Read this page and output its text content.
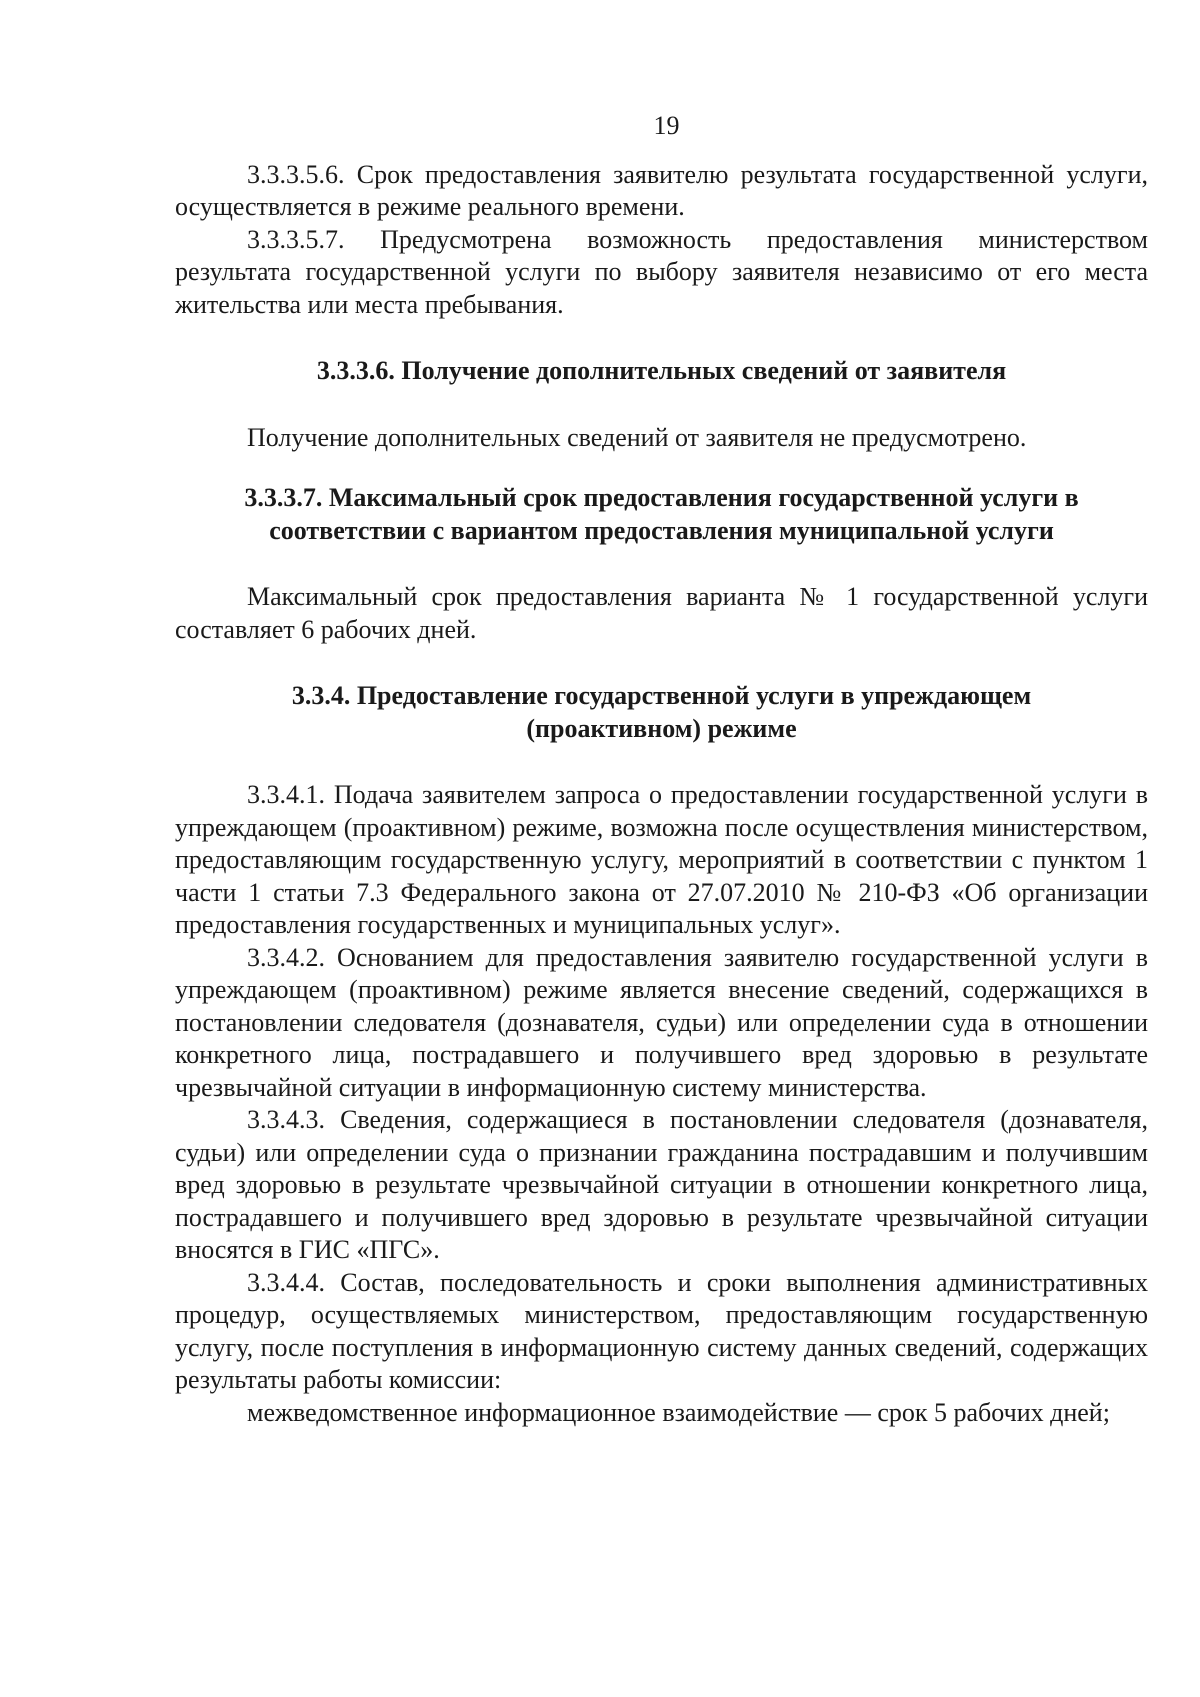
19

3.3.3.5.6. Срок предоставления заявителю результата государственной услуги, осуществляется в режиме реального времени.

3.3.3.5.7. Предусмотрена возможность предоставления министерством результата государственной услуги по выбору заявителя независимо от его места жительства или места пребывания.

3.3.3.6. Получение дополнительных сведений от заявителя

Получение дополнительных сведений от заявителя не предусмотрено.

3.3.3.7. Максимальный срок предоставления государственной услуги в

соответствии с вариантом предоставления муниципальной услуги

Максимальный срок предоставления варианта № 1 государственной услуги составляет 6 рабочих дней.

3.3.4. Предоставление государственной услуги в упреждающем

(проактивном) режиме

3.3.4.1. Подача заявителем запроса о предоставлении государственной услуги в упреждающем (проактивном) режиме, возможна после осуществления министерством, предоставляющим государственную услугу, мероприятий в соответствии с пунктом 1 части 1 статьи 7.3 Федерального закона от 27.07.2010 № 210-ФЗ «Об организации предоставления государственных и муниципальных услуг».

3.3.4.2. Основанием для предоставления заявителю государственной услуги в упреждающем (проактивном) режиме является внесение сведений, содержащихся в постановлении следователя (дознавателя, судьи) или определении суда в отношении конкретного лица, пострадавшего и получившего вред здоровью в результате чрезвычайной ситуации в информационную систему министерства.

3.3.4.3. Сведения, содержащиеся в постановлении следователя (дознавателя, судьи) или определении суда о признании гражданина пострадавшим и получившим вред здоровью в результате чрезвычайной ситуации в отношении конкретного лица, пострадавшего и получившего вред здоровью в результате чрезвычайной ситуации вносятся в ГИС «ПГС».

3.3.4.4. Состав, последовательность и сроки выполнения административных процедур, осуществляемых министерством, предоставляющим государственную услугу, после поступления в информационную систему данных сведений, содержащих результаты работы комиссии:

межведомственное информационное взаимодействие — срок 5 рабочих дней;
